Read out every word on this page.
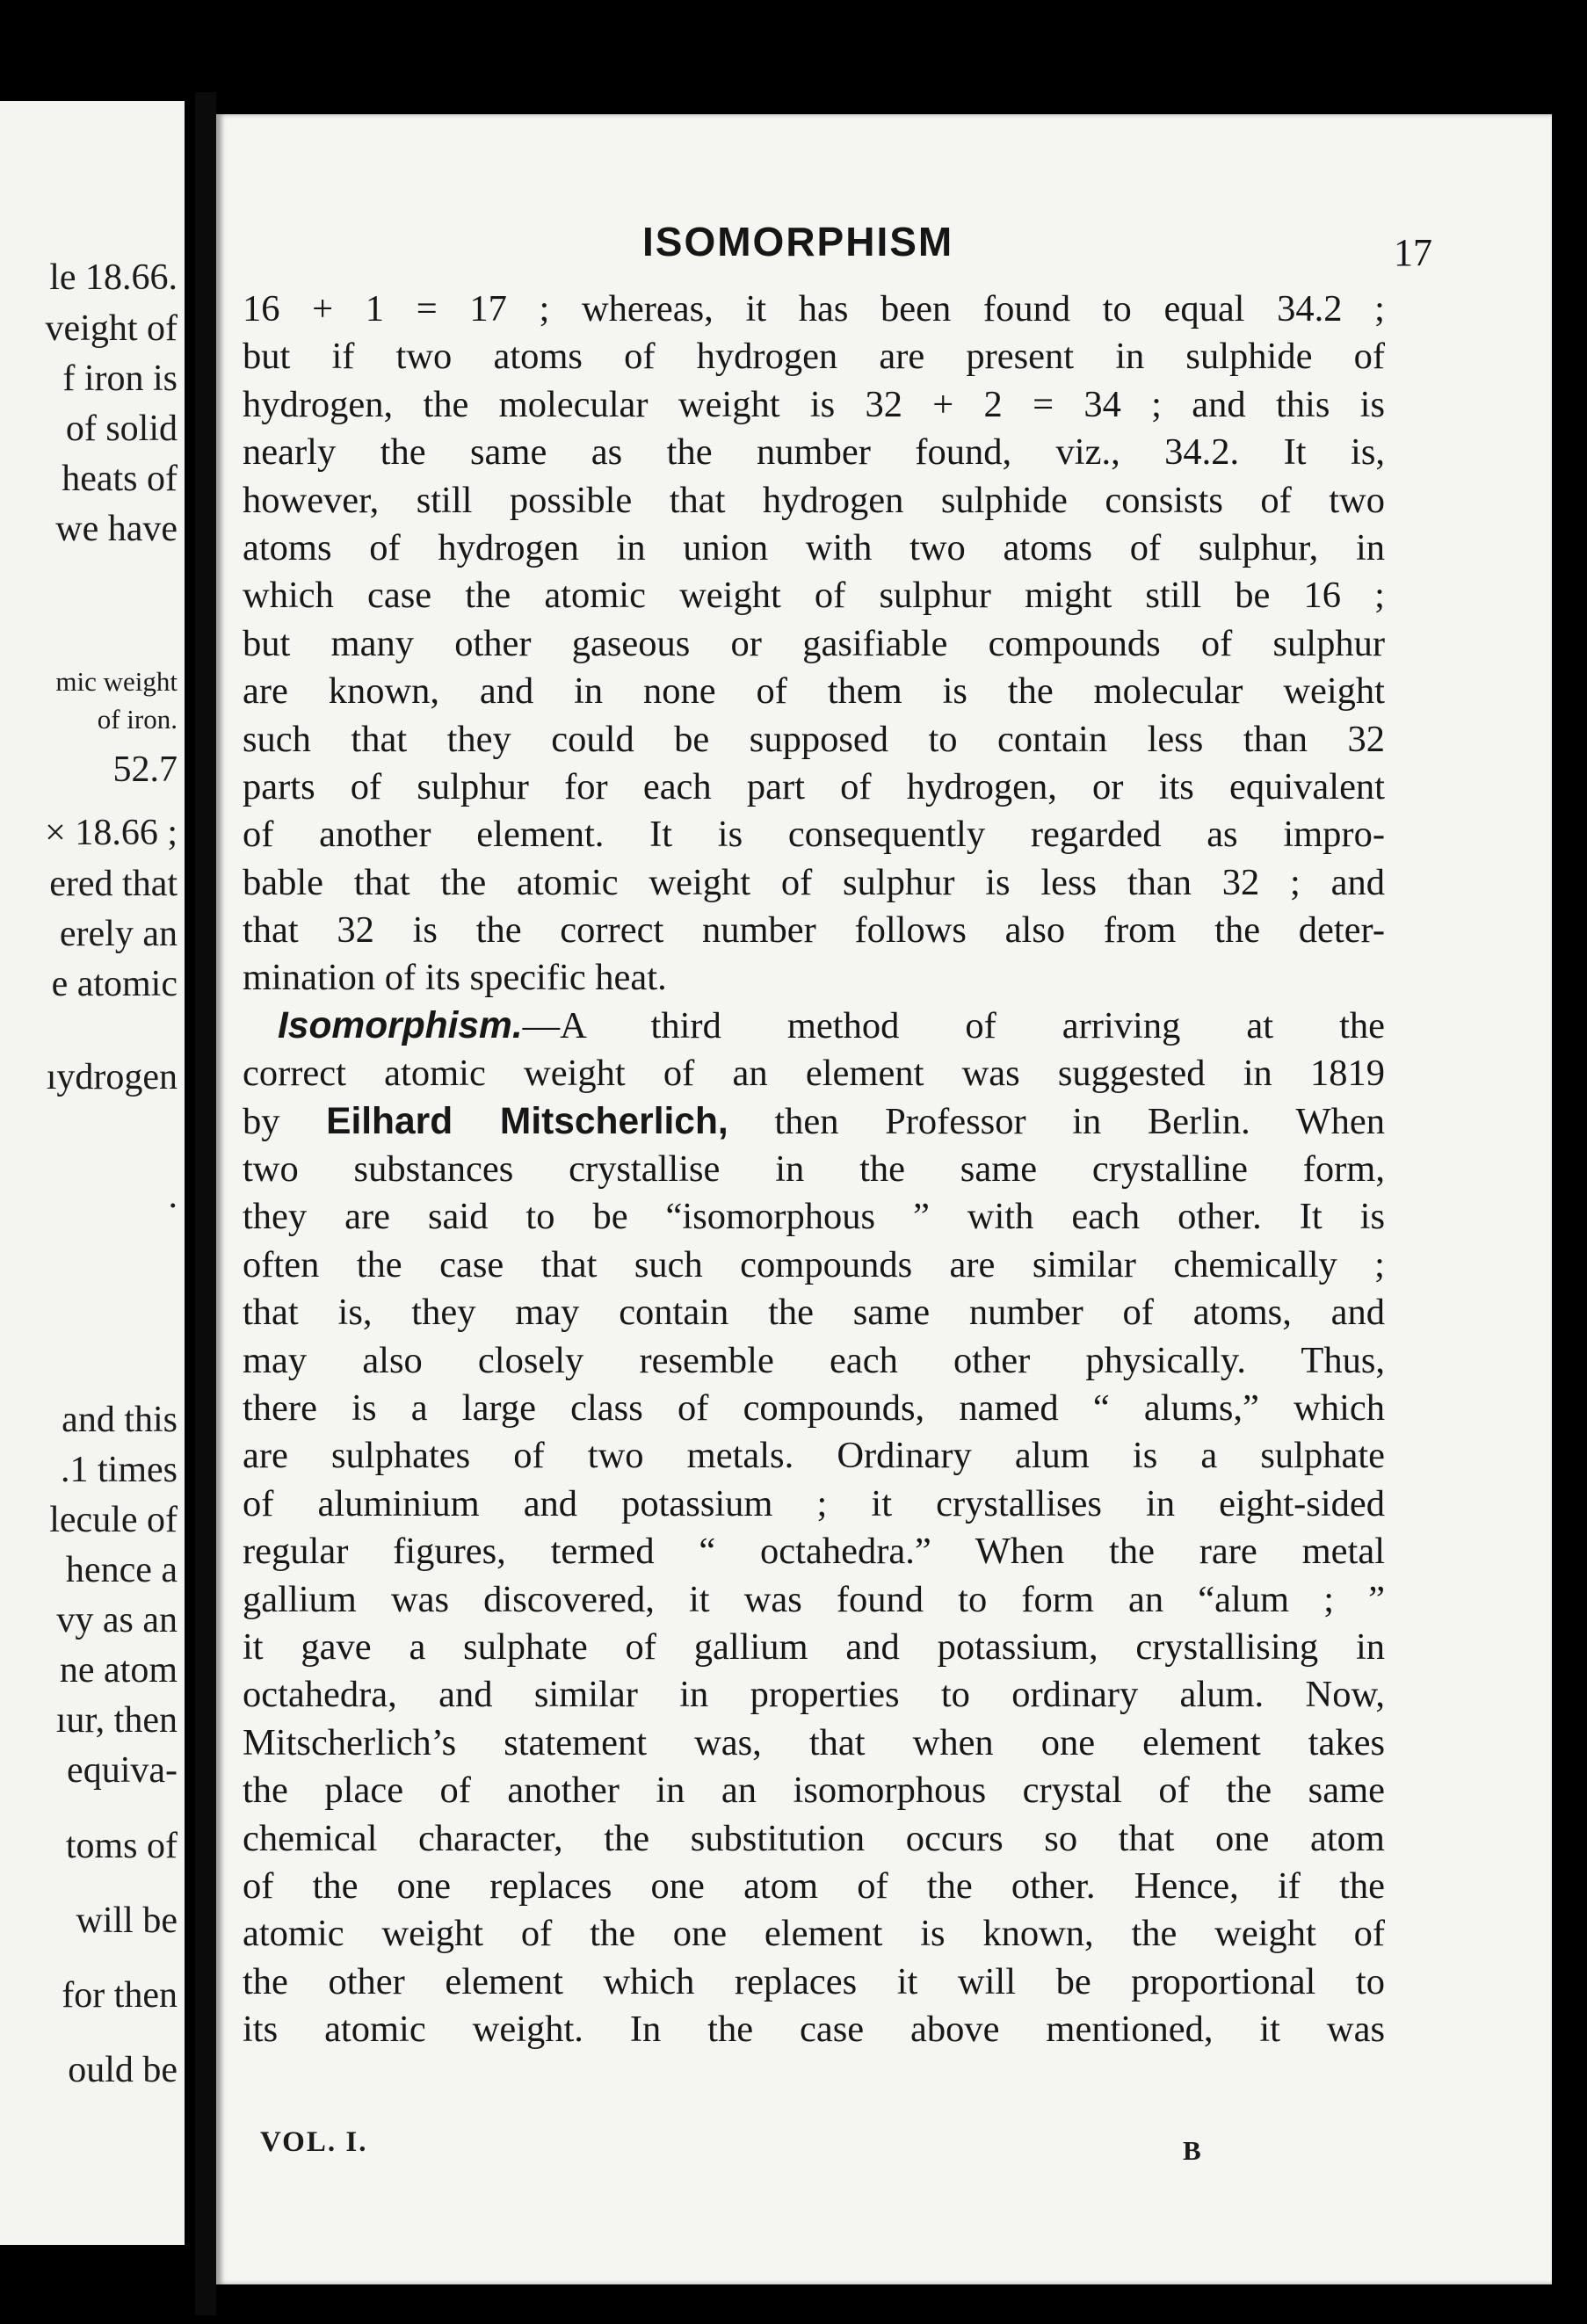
le 18.66.
veight of
f iron is
of solid
heats of
we have
mic weight
of iron.
52.7
× 18.66 ;
ered that
erely an
e atomic
ıydrogen
.
and this
.1 times
lecule of
hence a
vy as an
ne atom
ıur, then
equiva-
toms of
will be
for then
ould be
ISOMORPHISM	17
16 + 1 = 17 ; whereas, it has been found to equal 34.2 ;
but if two atoms of hydrogen are present in sulphide of
hydrogen, the molecular weight is 32 + 2 = 34 ; and this is
nearly the same as the number found, viz., 34.2. It is,
however, still possible that hydrogen sulphide consists of two
atoms of hydrogen in union with two atoms of sulphur, in
which case the atomic weight of sulphur might still be 16 ;
but many other gaseous or gasifiable compounds of sulphur
are known, and in none of them is the molecular weight
such that they could be supposed to contain less than 32
parts of sulphur for each part of hydrogen, or its equivalent
of another element. It is consequently regarded as impro-
bable that the atomic weight of sulphur is less than 32 ; and
that 32 is the correct number follows also from the deter-
mination of its specific heat.
Isomorphism.—A third method of arriving at the
correct atomic weight of an element was suggested in 1819
by Eilhard Mitscherlich, then Professor in Berlin. When
two substances crystallise in the same crystalline form,
they are said to be “isomorphous ” with each other. It is
often the case that such compounds are similar chemically ;
that is, they may contain the same number of atoms, and
may also closely resemble each other physically. Thus,
there is a large class of compounds, named “ alums,” which
are sulphates of two metals. Ordinary alum is a sulphate
of aluminium and potassium ; it crystallises in eight-sided
regular figures, termed “ octahedra.” When the rare metal
gallium was discovered, it was found to form an “alum ; ”
it gave a sulphate of gallium and potassium, crystallising in
octahedra, and similar in properties to ordinary alum. Now,
Mitscherlich’s statement was, that when one element takes
the place of another in an isomorphous crystal of the same
chemical character, the substitution occurs so that one atom
of the one replaces one atom of the other. Hence, if the
atomic weight of the one element is known, the weight of
the other element which replaces it will be proportional to
its atomic weight. In the case above mentioned, it was
VOL. I.	B
